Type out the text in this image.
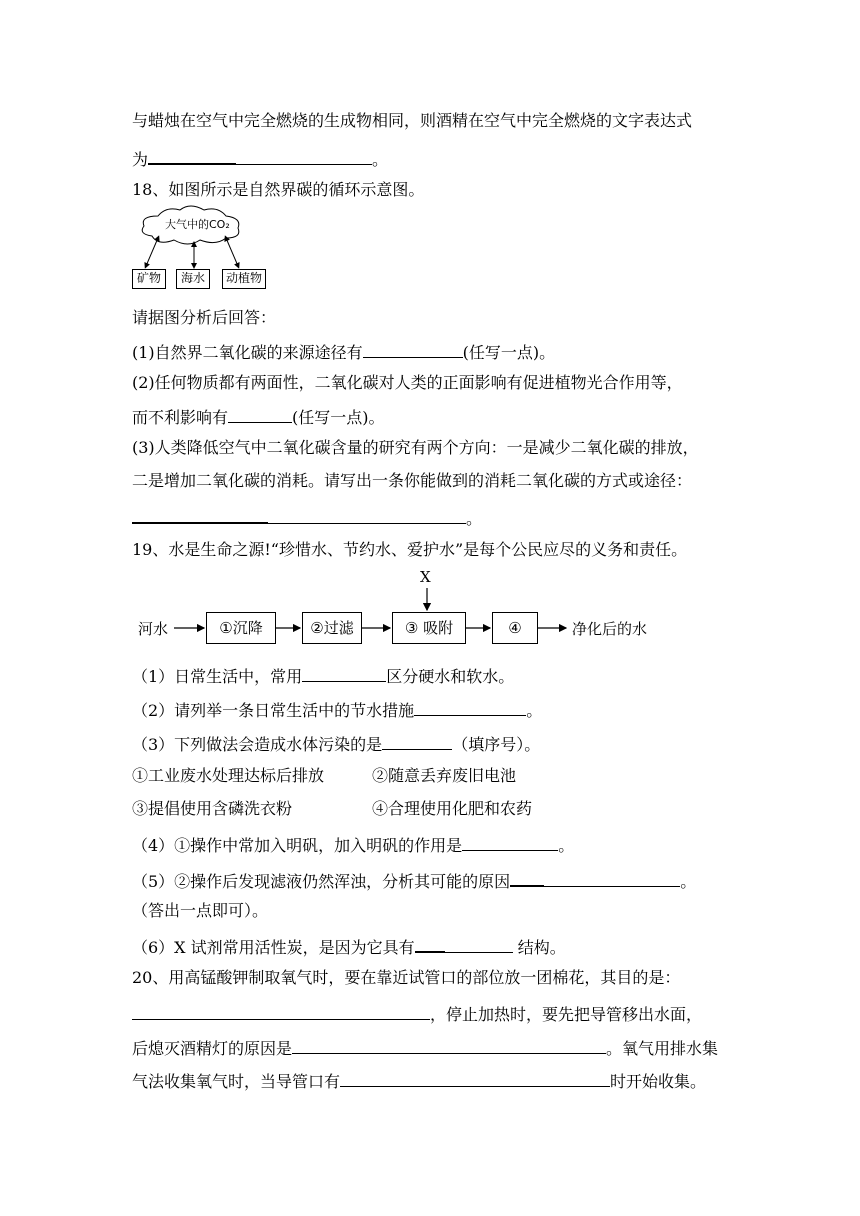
与蜡烛在空气中完全燃烧的生成物相同，则酒精在空气中完全燃烧的文字表达式
为	。
18、如图所示是自然界碳的循环示意图。
大气中的CO₂
矿物	海水	动植物
请据图分析后回答：
(1)自然界二氧化碳的来源途径有	(任写一点)。
(2)任何物质都有两面性，二氧化碳对人类的正面影响有促进植物光合作用等，
而不利影响有	(任写一点)。
(3)人类降低空气中二氧化碳含量的研究有两个方向：一是减少二氧化碳的排放，
二是增加二氧化碳的消耗。请写出一条你能做到的消耗二氧化碳的方式或途径：
。
19、水是生命之源!“珍惜水、节约水、爱护水”是每个公民应尽的义务和责任。
河水	①沉降	②过滤	③ 吸附	④	净化后的水
X
（1）日常生活中，常用	区分硬水和软水。
（2）请列举一条日常生活中的节水措施	。
（3）下列做法会造成水体污染的是	（填序号）。
①工业废水处理达标后排放	②随意丢弃废旧电池
③提倡使用含磷洗衣粉	④合理使用化肥和农药
（4）①操作中常加入明矾，加入明矾的作用是	。
（5）②操作后发现滤液仍然浑浊，分析其可能的原因	。
（答出一点即可）。
（6）X 试剂常用活性炭，是因为它具有	结构。
20、用高锰酸钾制取氧气时，要在靠近试管口的部位放一团棉花，其目的是：
，停止加热时，要先把导管移出水面，
后熄灭酒精灯的原因是	。氧气用排水集
气法收集氧气时，当导管口有	时开始收集。
